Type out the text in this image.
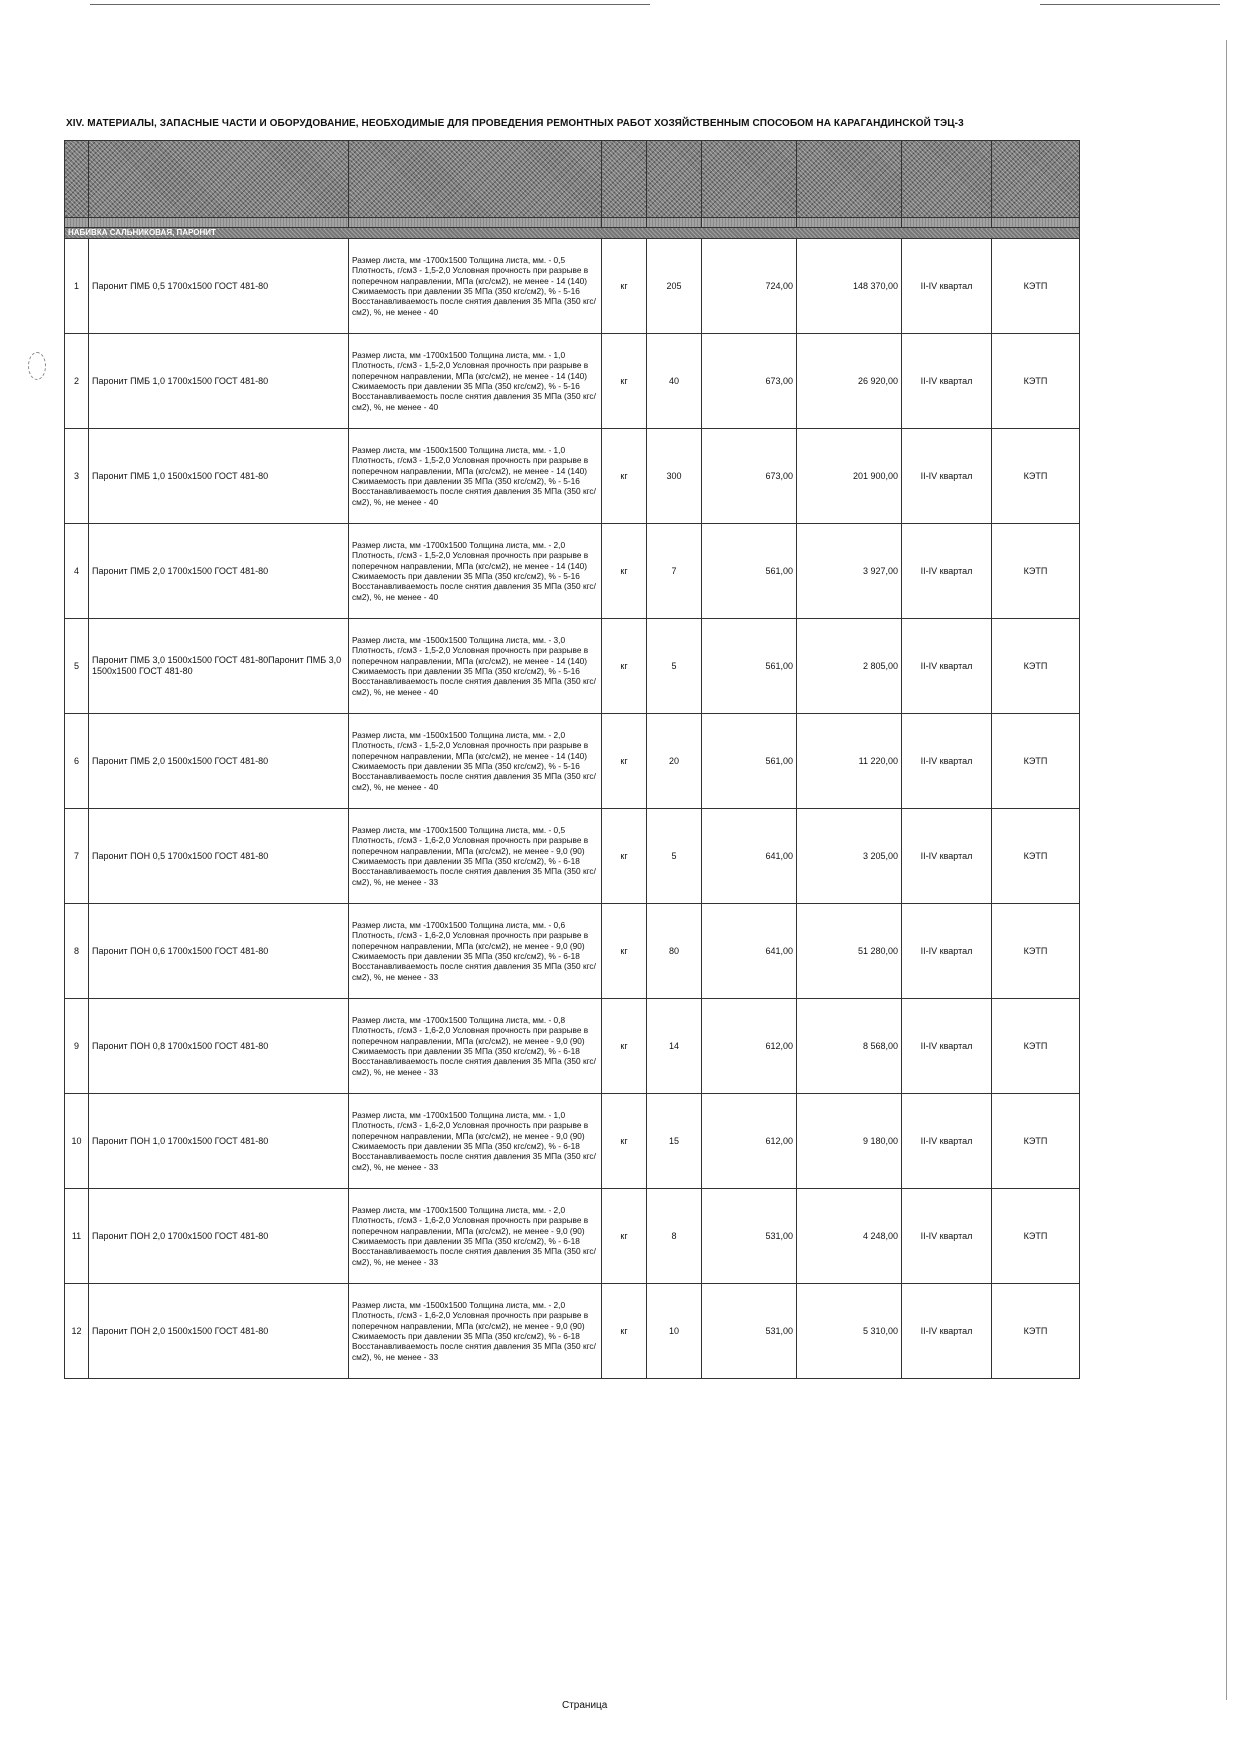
XIV. МАТЕРИАЛЫ, ЗАПАСНЫЕ ЧАСТИ И ОБОРУДОВАНИЕ, НЕОБХОДИМЫЕ ДЛЯ ПРОВЕДЕНИЯ РЕМОНТНЫХ РАБОТ ХОЗЯЙСТВЕННЫМ СПОСОБОМ НА КАРАГАНДИНСКОЙ ТЭЦ-3

НАБИВКА САЛЬНИКОВАЯ, ПАРОНИТ								
1	Паронит ПМБ 0,5 1700х1500 ГОСТ 481-80	Размер листа, мм -1700х1500 Толщина листа, мм. - 0,5 Плотность, г/см3 - 1,5-2,0 Условная прочность при разрыве в поперечном направлении, МПа (кгс/см2), не менее - 14 (140) Сжимаемость при давлении 35 МПа (350 кгс/см2), % - 5-16 Восстанавливаемость после снятия давления 35 МПа (350 кгс/см2), %, не менее - 40	кг	205	724,00	148 370,00	II-IV квартал	КЭТП
2	Паронит ПМБ 1,0 1700х1500 ГОСТ 481-80	Размер листа, мм -1700х1500 Толщина листа, мм. - 1,0 Плотность, г/см3 - 1,5-2,0 Условная прочность при разрыве в поперечном направлении, МПа (кгс/см2), не менее - 14 (140) Сжимаемость при давлении 35 МПа (350 кгс/см2), % - 5-16 Восстанавливаемость после снятия давления 35 МПа (350 кгс/см2), %, не менее - 40	кг	40	673,00	26 920,00	II-IV квартал	КЭТП
3	Паронит ПМБ 1,0 1500х1500 ГОСТ 481-80	Размер листа, мм -1500х1500 Толщина листа, мм. - 1,0 Плотность, г/см3 - 1,5-2,0 Условная прочность при разрыве в поперечном направлении, МПа (кгс/см2), не менее - 14 (140) Сжимаемость при давлении 35 МПа (350 кгс/см2), % - 5-16 Восстанавливаемость после снятия давления 35 МПа (350 кгс/см2), %, не менее - 40	кг	300	673,00	201 900,00	II-IV квартал	КЭТП
4	Паронит ПМБ 2,0 1700х1500 ГОСТ 481-80	Размер листа, мм -1700х1500 Толщина листа, мм. - 2,0 Плотность, г/см3 - 1,5-2,0 Условная прочность при разрыве в поперечном направлении, МПа (кгс/см2), не менее - 14 (140) Сжимаемость при давлении 35 МПа (350 кгс/см2), % - 5-16 Восстанавливаемость после снятия давления 35 МПа (350 кгс/см2), %, не менее - 40	кг	7	561,00	3 927,00	II-IV квартал	КЭТП
5	Паронит ПМБ 3,0 1500х1500 ГОСТ 481-80Паронит ПМБ 3,0 1500х1500 ГОСТ 481-80	Размер листа, мм -1500х1500 Толщина листа, мм. - 3,0 Плотность, г/см3 - 1,5-2,0 Условная прочность при разрыве в поперечном направлении, МПа (кгс/см2), не менее - 14 (140) Сжимаемость при давлении 35 МПа (350 кгс/см2), % - 5-16 Восстанавливаемость после снятия давления 35 МПа (350 кгс/см2), %, не менее - 40	кг	5	561,00	2 805,00	II-IV квартал	КЭТП
6	Паронит ПМБ 2,0 1500х1500 ГОСТ 481-80	Размер листа, мм -1500х1500 Толщина листа, мм. - 2,0 Плотность, г/см3 - 1,5-2,0 Условная прочность при разрыве в поперечном направлении, МПа (кгс/см2), не менее - 14 (140) Сжимаемость при давлении 35 МПа (350 кгс/см2), % - 5-16 Восстанавливаемость после снятия давления 35 МПа (350 кгс/см2), %, не менее - 40	кг	20	561,00	11 220,00	II-IV квартал	КЭТП
7	Паронит ПОН 0,5 1700х1500 ГОСТ 481-80	Размер листа, мм -1700х1500 Толщина листа, мм. - 0,5 Плотность, г/см3 - 1,6-2,0 Условная прочность при разрыве в поперечном направлении, МПа (кгс/см2), не менее - 9,0 (90) Сжимаемость при давлении 35 МПа (350 кгс/см2), % - 6-18 Восстанавливаемость после снятия давления 35 МПа (350 кгс/см2), %, не менее - 33	кг	5	641,00	3 205,00	II-IV квартал	КЭТП
8	Паронит ПОН 0,6 1700х1500 ГОСТ 481-80	Размер листа, мм -1700х1500 Толщина листа, мм. - 0,6 Плотность, г/см3 - 1,6-2,0 Условная прочность при разрыве в поперечном направлении, МПа (кгс/см2), не менее - 9,0 (90) Сжимаемость при давлении 35 МПа (350 кгс/см2), % - 6-18 Восстанавливаемость после снятия давления 35 МПа (350 кгс/см2), %, не менее - 33	кг	80	641,00	51 280,00	II-IV квартал	КЭТП
9	Паронит ПОН 0,8 1700х1500 ГОСТ 481-80	Размер листа, мм -1700х1500 Толщина листа, мм. - 0,8 Плотность, г/см3 - 1,6-2,0 Условная прочность при разрыве в поперечном направлении, МПа (кгс/см2), не менее - 9,0 (90) Сжимаемость при давлении 35 МПа (350 кгс/см2), % - 6-18 Восстанавливаемость после снятия давления 35 МПа (350 кгс/см2), %, не менее - 33	кг	14	612,00	8 568,00	II-IV квартал	КЭТП
10	Паронит ПОН 1,0 1700х1500 ГОСТ 481-80	Размер листа, мм -1700х1500 Толщина листа, мм. - 1,0 Плотность, г/см3 - 1,6-2,0 Условная прочность при разрыве в поперечном направлении, МПа (кгс/см2), не менее - 9,0 (90) Сжимаемость при давлении 35 МПа (350 кгс/см2), % - 6-18 Восстанавливаемость после снятия давления 35 МПа (350 кгс/см2), %, не менее - 33	кг	15	612,00	9 180,00	II-IV квартал	КЭТП
11	Паронит ПОН 2,0 1700х1500 ГОСТ 481-80	Размер листа, мм -1700х1500 Толщина листа, мм. - 2,0 Плотность, г/см3 - 1,6-2,0 Условная прочность при разрыве в поперечном направлении, МПа (кгс/см2), не менее - 9,0 (90) Сжимаемость при давлении 35 МПа (350 кгс/см2), % - 6-18 Восстанавливаемость после снятия давления 35 МПа (350 кгс/см2), %, не менее - 33	кг	8	531,00	4 248,00	II-IV квартал	КЭТП
12	Паронит ПОН 2,0 1500х1500 ГОСТ 481-80	Размер листа, мм -1500х1500 Толщина листа, мм. - 2,0 Плотность, г/см3 - 1,6-2,0 Условная прочность при разрыве в поперечном направлении, МПа (кгс/см2), не менее - 9,0 (90) Сжимаемость при давлении 35 МПа (350 кгс/см2), % - 6-18 Восстанавливаемость после снятия давления 35 МПа (350 кгс/см2), %, не менее - 33	кг	10	531,00	5 310,00	II-IV квартал	КЭТП
Страница
